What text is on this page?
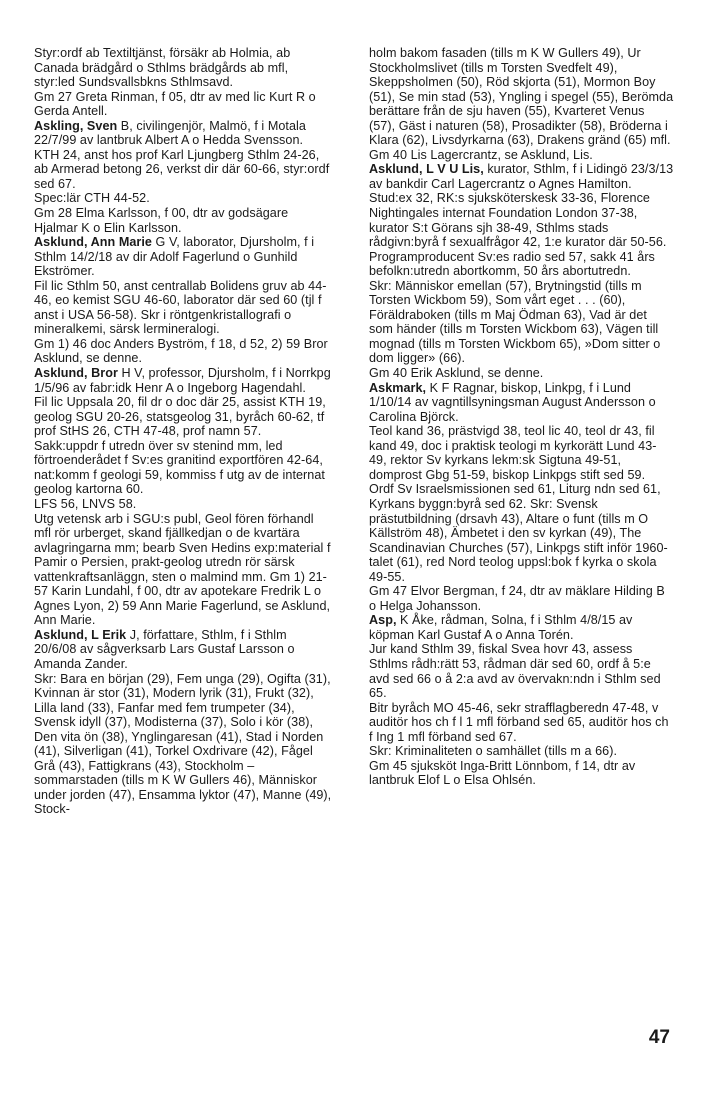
Styr:ordf ab Textiltjänst, försäkr ab Holmia, ab Canada brädgård o Sthlms brädgårds ab mfl, styr:led Sundsvallsbkns Sthlmsavd.

Gm 27 Greta Rinman, f 05, dtr av med lic Kurt R o Gerda Antell.

Askling, Sven B, civilingenjör, Malmö, f i Motala 22/7/99 av lantbruk Albert A o Hedda Svensson.

KTH 24, anst hos prof Karl Ljungberg Sthlm 24-26, ab Armerad betong 26, verkst dir där 60-66, styr:ordf sed 67.

Spec:lär CTH 44-52.

Gm 28 Elma Karlsson, f 00, dtr av godsägare Hjalmar K o Elin Karlsson.

Asklund, Ann Marie G V, laborator, Djursholm, f i Sthlm 14/2/18 av dir Adolf Fagerlund o Gunhild Ekströmer.

Fil lic Sthlm 50, anst centrallab Bolidens gruv ab 44-46, eo kemist SGU 46-60, laborator där sed 60 (tjl f anst i USA 56-58). Skr i röntgenkristallografi o mineralkemi, särsk lermineralogi.

Gm 1) 46 doc Anders Byström, f 18, d 52, 2) 59 Bror Asklund, se denne.

Asklund, Bror H V, professor, Djursholm, f i Norrkpg 1/5/96 av fabr:idk Henr A o Ingeborg Hagendahl.

Fil lic Uppsala 20, fil dr o doc där 25, assist KTH 19, geolog SGU 20-26, statsgeolog 31, byråch 60-62, tf prof StHS 26, CTH 47-48, prof namn 57.

Sakk:uppdr f utredn över sv stenind mm, led förtroenderådet f Sv:es granitind exportfören 42-64, nat:komm f geologi 59, kommiss f utg av de internat geolog kartorna 60.

LFS 56, LNVS 58.

Utg vetensk arb i SGU:s publ, Geol fören förhandl mfl rör urberget, skand fjällkedjan o de kvartära avlagringarna mm; bearb Sven Hedins exp:material f Pamir o Persien, prakt-geolog utredn rör särsk vattenkraftsanläggn, sten o malmind mm. Gm 1) 21-57 Karin Lundahl, f 00, dtr av apotekare Fredrik L o Agnes Lyon, 2) 59 Ann Marie Fagerlund, se Asklund, Ann Marie.

Asklund, L Erik J, författare, Sthlm, f i Sthlm 20/6/08 av sågverksarb Lars Gustaf Larsson o Amanda Zander.

Skr: Bara en början (29), Fem unga (29), Ogifta (31), Kvinnan är stor (31), Modern lyrik (31), Frukt (32), Lilla land (33), Fanfar med fem trumpeter (34), Svensk idyll (37), Modisterna (37), Solo i kör (38), Den vita ön (38), Ynglingaresan (41), Stad i Norden (41), Silverligan (41), Torkel Oxdrivare (42), Fågel Grå (43), Fattigkrans (43), Stockholm – sommarstaden (tills m K W Gullers 46), Människor under jorden (47), Ensamma lyktor (47), Manne (49), Stock-

holm bakom fasaden (tills m K W Gullers 49), Ur Stockholmslivet (tills m Torsten Svedfelt 49), Skeppsholmen (50), Röd skjorta (51), Mormon Boy (51), Se min stad (53), Yngling i spegel (55), Berömda berättare från de sju haven (55), Kvarteret Venus (57), Gäst i naturen (58), Prosadikter (58), Bröderna i Klara (62), Livsdyrkarna (63), Drakens gränd (65) mfl.

Gm 40 Lis Lagercrantz, se Asklund, Lis.

Asklund, L V U Lis, kurator, Sthlm, f i Lidingö 23/3/13 av bankdir Carl Lagercrantz o Agnes Hamilton.

Stud:ex 32, RK:s sjuksköterskesk 33-36, Florence Nightingales internat Foundation London 37-38, kurator S:t Görans sjh 38-49, Sthlms stads rådgivn:byrå f sexualfrågor 42, 1:e kurator där 50-56.

Programproducent Sv:es radio sed 57, sakk 41 års befolkn:utredn abortkomm, 50 års abortutredn.

Skr: Människor emellan (57), Brytningstid (tills m Torsten Wickbom 59), Som vårt eget . . . (60), Föräldraboken (tills m Maj Ödman 63), Vad är det som händer (tills m Torsten Wickbom 63), Vägen till mognad (tills m Torsten Wickbom 65), »Dom sitter o dom ligger» (66).

Gm 40 Erik Asklund, se denne.

Askmark, K F Ragnar, biskop, Linkpg, f i Lund 1/10/14 av vagntillsyningsman August Andersson o Carolina Björck.

Teol kand 36, prästvigd 38, teol lic 40, teol dr 43, fil kand 49, doc i praktisk teologi m kyrkorätt Lund 43-49, rektor Sv kyrkans lekm:sk Sigtuna 49-51, domprost Gbg 51-59, biskop Linkpgs stift sed 59.

Ordf Sv Israelsmissionen sed 61, Liturg ndn sed 61, Kyrkans byggn:byrå sed 62. Skr: Svensk prästutbildning (drsavh 43), Altare o funt (tills m O Källström 48), Ämbetet i den sv kyrkan (49), The Scandinavian Churches (57), Linkpgs stift inför 1960-talet (61), red Nord teolog uppsl:bok f kyrka o skola 49-55.

Gm 47 Elvor Bergman, f 24, dtr av mäklare Hilding B o Helga Johansson.

Asp, K Åke, rådman, Solna, f i Sthlm 4/8/15 av köpman Karl Gustaf A o Anna Torén.

Jur kand Sthlm 39, fiskal Svea hovr 43, assess Sthlms rådh:rätt 53, rådman där sed 60, ordf å 5:e avd sed 66 o å 2:a avd av övervakn:ndn i Sthlm sed 65.

Bitr byråch MO 45-46, sekr strafflagberedn 47-48, v auditör hos ch f l 1 mfl förband sed 65, auditör hos ch f Ing 1 mfl förband sed 67.

Skr: Kriminaliteten o samhället (tills m a 66).

Gm 45 sjuksköt Inga-Britt Lönnbom, f 14, dtr av lantbruk Elof L o Elsa Ohlsén.

47
